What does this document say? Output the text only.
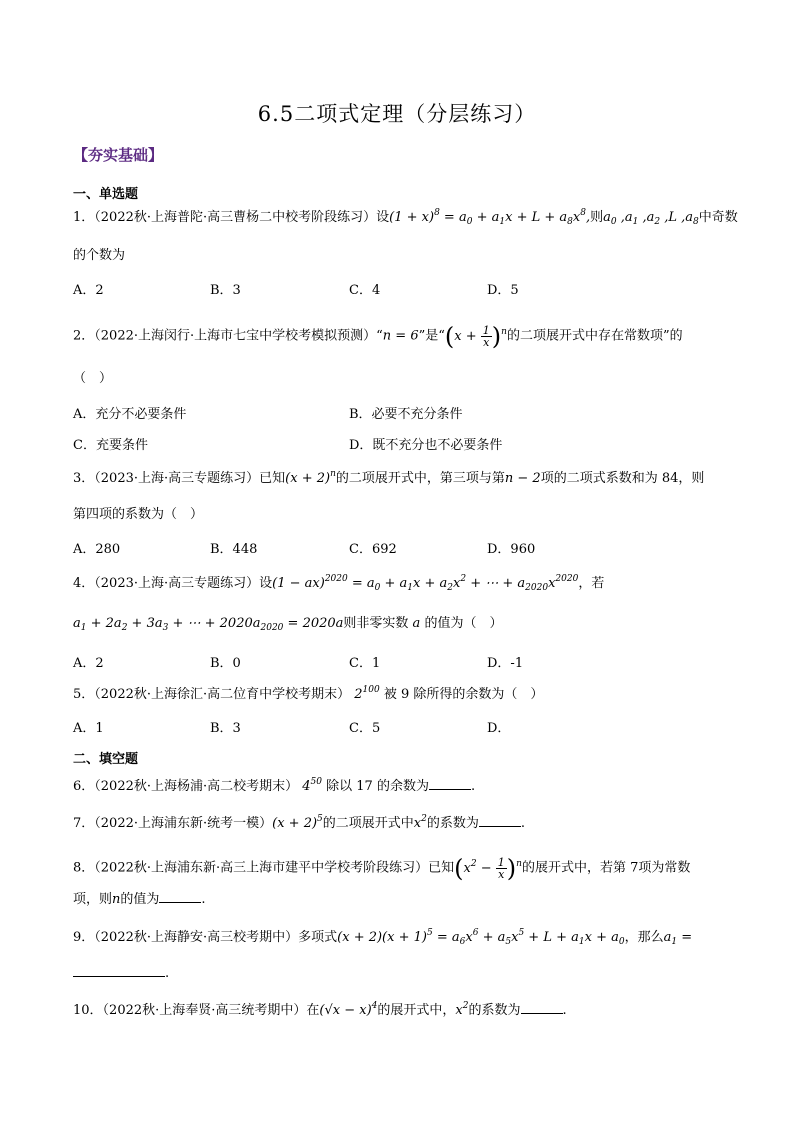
6.5二项式定理（分层练习）
【夯实基础】
一、单选题
1．（2022秋·上海普陀·高三曹杨二中校考阶段练习）设$(1 + x)^8 = a_0 + a_1x + L + a_8x^8$,则$a_0$ $,a_1$ $,a_2$ ,L $,a_8$中奇数
的个数为
A．2	B．3	C．4	D．5
2．（2022·上海闵行·上海市七宝中学校考模拟预测）“n = 6”是“$(x + \frac{1}{x} )^n$的二项展开式中存在常数项”的
（　）
A．充分不必要条件	B．必要不充分条件
C．充要条件	D．既不充分也不必要条件
3．（2023·上海·高三专题练习）已知$(x + 2)^n$的二项展开式中，第三项与第n − 2项的二项式系数和为 84，则
第四项的系数为（　）
A．280	B．448	C．692	D．960
4．（2023·上海·高三专题练习）设$(1 - ax)^{2020} = a_0 + a_1x + a_2x^2$ + ⋯ + $a_{2020}x^{2020}$，若
$a_1 + 2a_2 + 3a_3$ + ⋯ + $2020a_{2020} = 2020a$则非零实数 a 的值为（　）
A．2	B．0	C．1	D．-1
5．（2022秋·上海徐汇·高二位育中学校考期末） $2^{100}$ 被 9 除所得的余数为（　）
A．1	B．3	C．5	D．
二、填空题
6．（2022秋·上海杨浦·高二校考期末） $4^{50}$ 除以 17 的余数为	.
7．（2022·上海浦东新·统考一模）$(x + 2)^5$的二项展开式中$x^2$的系数为	.
8．（2022秋·上海浦东新·高三上海市建平中学校考阶段练习）已知$(x^2 - \frac{1}{x} )^n$的展开式中，若第 7项为常数
项，则n的值为	.
9．（2022秋·上海静安·高三校考期中）多项式$(x + 2)(x + 1)^5 = a_6x^6 + a_5x^5 + L + a_1x + a_0$，那么$a_1$ =
.
10．（2022秋·上海奉贤·高三统考期中）在$(√x - x)^4$的展开式中，$x^2$的系数为	.
